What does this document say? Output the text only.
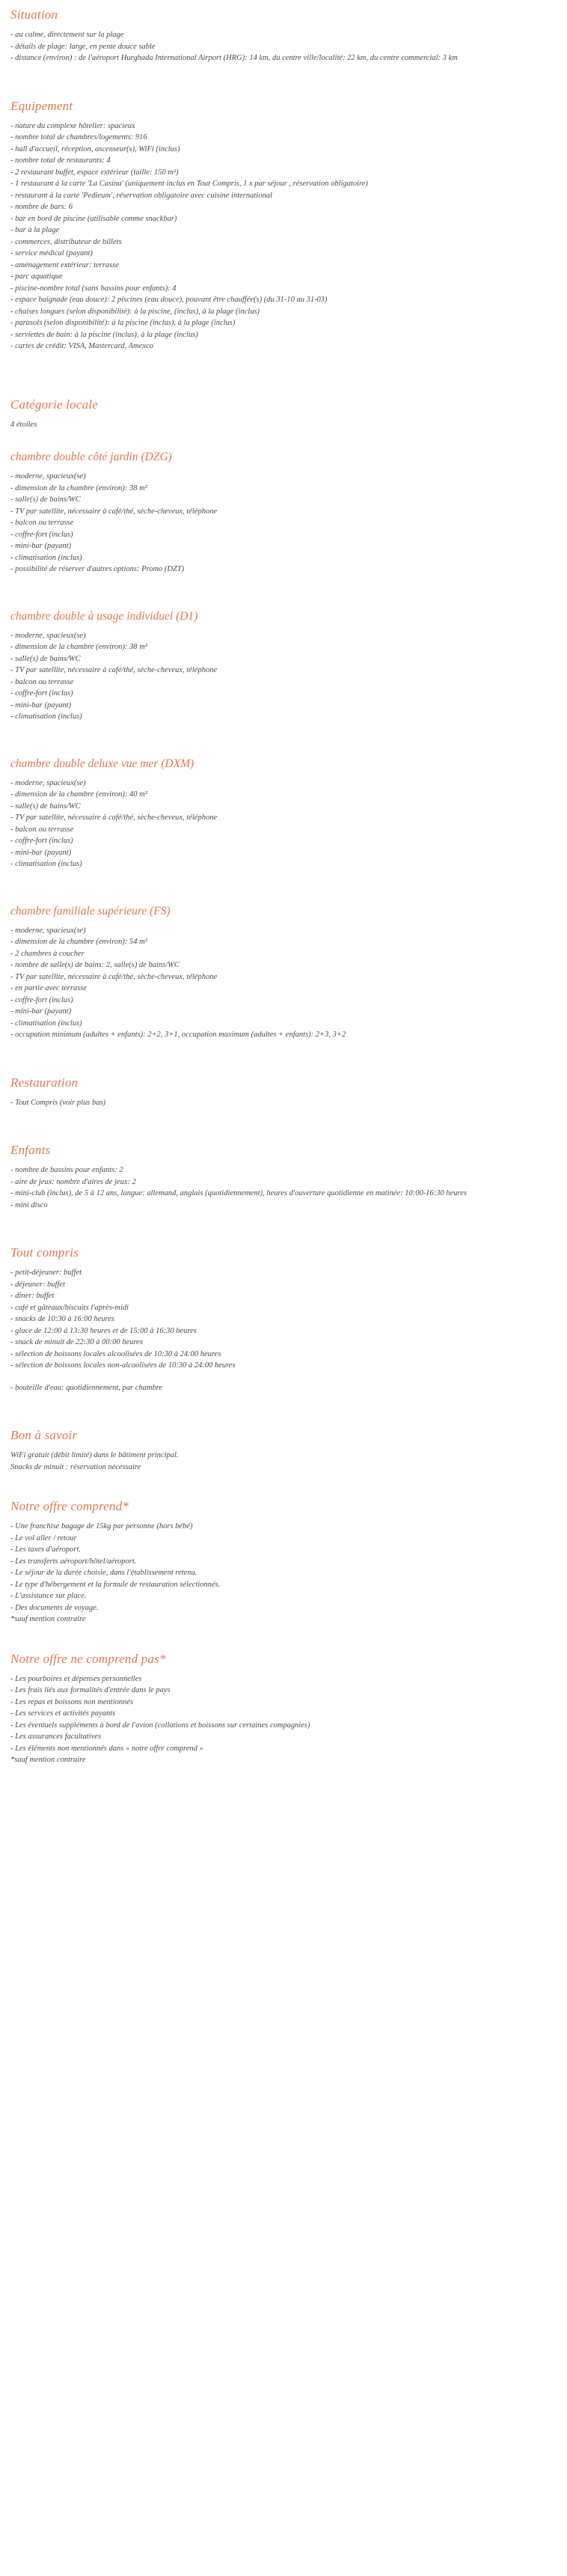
Situation
- au calme, directement sur la plage
- détails de plage: large, en pente douce sable
- distance (environ) : de l'aéroport Hurghada International Airport (HRG): 14 km, du centre ville/localité: 22 km, du centre commercial: 3 km
Equipement
- nature du complexe hôtelier: spacieux
- nombre total de chambres/logements: 916
- hall d'accueil, réception, ascenseur(s), WiFi (inclus)
- nombre total de restaurants: 4
- 2 restaurant buffet, espace extérieur (taille: 150 m²)
- 1 restaurant à la carte 'La Casina' (uniquement inclus en Tout Compris, 1 x par séjour , réservation obligatoire)
- restaurant à la carte 'Pedieum', réservation obligatoire avec cuisine international
- nombre de bars: 6
- bar en bord de piscine (utilisable comme snackbar)
- bar à la plage
- commerces, distributeur de billets
- service médical (payant)
- aménagement extérieur: terrasse
- parc aquatique
- piscine-nombre total (sans bassins pour enfants): 4
- espace baignade (eau douce): 2 piscines (eau douce), pouvant être chauffée(s) (du 31-10 au 31-03)
- chaises longues (selon disponibilité): à la piscine, (inclus), à la plage (inclus)
- parasols (selon disponibilité): à la piscine (inclus), à la plage (inclus)
- serviettes de bain: à la piscine (inclus), à la plage (inclus)
- cartes de crédit: VISA, Mastercard, Amexco
Catégorie locale
4 étoiles
chambre double côté jardin (DZG)
- moderne, spacieux(se)
- dimension de la chambre (environ): 38 m²
- salle(s) de bains/WC
- TV par satellite, nécessaire à café/thé, sèche-cheveux, téléphone
- balcon ou terrasse
- coffre-fort (inclus)
- mini-bar (payant)
- climatisation (inclus)
- possibilité de réserver d'autres options: Promo (DZT)
chambre double à usage individuel (D1)
- moderne, spacieux(se)
- dimension de la chambre (environ): 38 m²
- salle(s) de bains/WC
- TV par satellite, nécessaire à café/thé, sèche-cheveux, téléphone
- balcon ou terrasse
- coffre-fort (inclus)
- mini-bar (payant)
- climatisation (inclus)
chambre double deluxe vue mer (DXM)
- moderne, spacieux(se)
- dimension de la chambre (environ): 40 m²
- salle(s) de bains/WC
- TV par satellite, nécessaire à café/thé, sèche-cheveux, téléphone
- balcon ou terrasse
- coffre-fort (inclus)
- mini-bar (payant)
- climatisation (inclus)
chambre familiale supérieure (FS)
- moderne, spacieux(se)
- dimension de la chambre (environ): 54 m²
- 2 chambres à coucher
- nombre de salle(s) de bains: 2, salle(s) de bains/WC
- TV par satellite, nécessaire à café/thé, sèche-cheveux, téléphone
- en partie avec terrasse
- coffre-fort (inclus)
- mini-bar (payant)
- climatisation (inclus)
- occupation minimum (adultes + enfants): 2+2, 3+1, occupation maximum (adultes + enfants): 2+3, 3+2
Restauration
- Tout Compris (voir plus bas)
Enfants
- nombre de bassins pour enfants: 2
- aire de jeux: nombre d'aires de jeux: 2
- mini-club (inclus), de 5 à 12 ans, langue: allemand, anglais (quotidiennement), heures d'ouverture quotidienne en matinée: 10:00-16:30 heures
- mini disco
Tout compris
- petit-déjeuner: buffet
- déjeuner: buffet
- dîner: buffet
- café et gâteaux/biscuits l'après-midi
- snacks de 10:30 à 16:00 heures
- glace de 12:00 à 13:30 heures et de 15:00 à 16:30 heures
- snack de minuit de 22:30 à 00:00 heures
- sélection de boissons locales alcoolisées de 10:30 à 24:00 heures
- sélection de boissons locales non-alcoolisées de 10:30 à 24:00 heures

- bouteille d'eau: quotidiennement, par chambre

Bon à savoir
WiFi gratuit (débit limité) dans le bâtiment principal.
Snacks de minuit : réservation nécessaire
Notre offre comprend*
- Une franchise bagage de 15kg par personne (hors bébé)
- Le vol aller / retour
- Les taxes d'aéroport.
- Les transferts aéroport/hôtel/aéroport.
- Le séjour de la durée choisie, dans l'établissement retenu.
- Le type d'hébergement et la formule de restauration sélectionnés.
- L'assistance sur place.
- Des documents de voyage.
*sauf mention contraire
Notre offre ne comprend pas*
- Les pourboires et dépenses personnelles
- Les frais liés aux formalités d'entrée dans le pays
- Les repas et boissons non mentionnés
- Les services et activités payants
- Les éventuels suppléments à bord de l'avion (collations et boissons sur certaines compagnies)
- Les assurances facultatives
- Les éléments non mentionnés dans « notre offre comprend »
*sauf mention contraire
